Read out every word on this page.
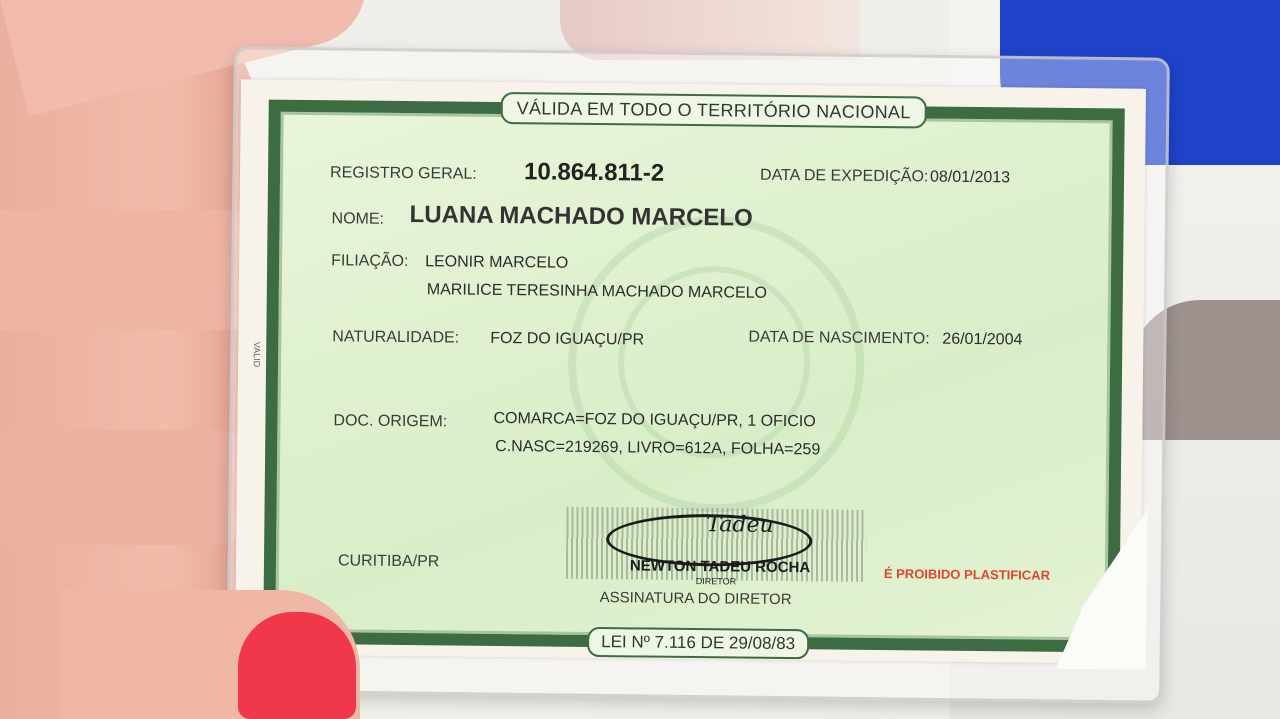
VALID
VÁLIDA EM TODO O TERRITÓRIO NACIONAL
REGISTRO GERAL: 10.864.811-2	DATA DE EXPEDIÇÃO: 08/01/2013
NOME: LUANA MACHADO MARCELO
FILIAÇÃO: LEONIR MARCELO
MARILICE TERESINHA MACHADO MARCELO
NATURALIDADE: FOZ DO IGUAÇU/PR	DATA DE NASCIMENTO: 26/01/2004
DOC. ORIGEM:	COMARCA=FOZ DO IGUAÇU/PR, 1 OFICIO
C.NASC=219269, LIVRO=612A, FOLHA=259
CURITIBA/PR
Tadeu
NEWTON TADEU ROCHA
DIRETOR
ASSINATURA DO DIRETOR
É PROIBIDO PLASTIFICAR
LEI Nº 7.116 DE 29/08/83
